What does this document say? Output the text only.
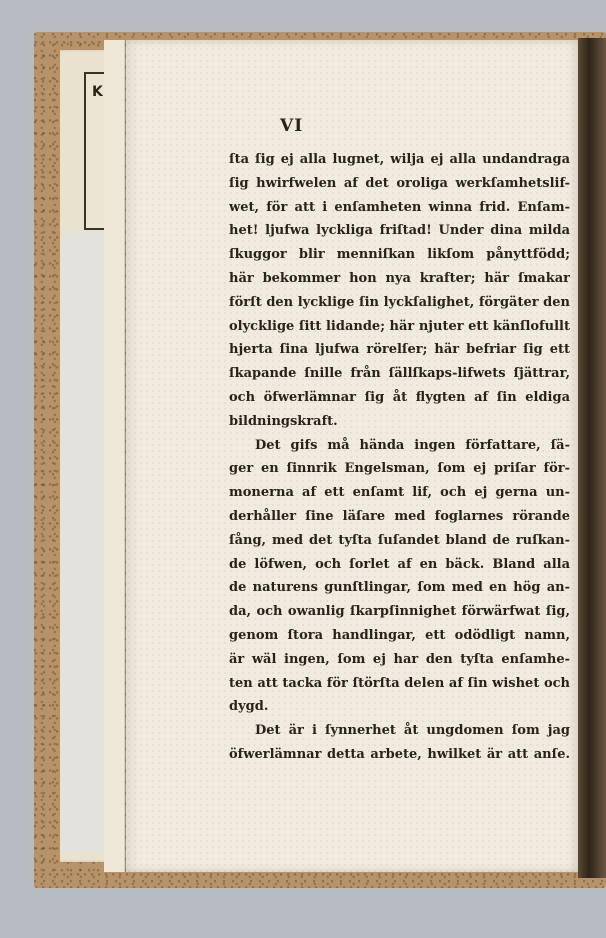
K
VI
ſta ſig ej alla lugnet, wilja ej alla undandraga
ſig hwirfwelen af det oroliga werkſamhetslif-
wet, för att i enſamheten winna frid. Enſam-
het! ljufwa lyckliga friſtad! Under dina milda
ſkuggor blir menniſkan likſom pånyttfödd;
här bekommer hon nya krafter; här ſmakar
förſt den lycklige ſin lyckſalighet, förgäter den
olycklige ſitt lidande; här njuter ett känſlofullt
hjerta ſina ljufwa rörelſer; här befriar ſig ett
ſkapande ſnille från ſällſkaps-lifwets ſjättrar,
och öfwerlämnar ſig åt flygten af ſin eldiga
bildningskraft.
Det gifs må hända ingen författare, ſä-
ger en ſinnrik Engelsman, ſom ej priſar för-
monerna af ett enſamt lif, och ej gerna un-
derhåller ſine läſare med foglarnes rörande
ſång, med det tyſta ſuſandet bland de ruſkan-
de löfwen, och ſorlet af en bäck. Bland alla
de naturens gunſtlingar, ſom med en hög an-
da, och owanlig ſkarpſinnighet förwärfwat ſig,
genom ſtora handlingar, ett odödligt namn,
är wäl ingen, ſom ej har den tyſta enſamhe-
ten att tacka för ſtörſta delen af ſin wishet och
dygd.
Det är i ſynnerhet åt ungdomen ſom jag
öfwerlämnar detta arbete, hwilket är att anſe.
